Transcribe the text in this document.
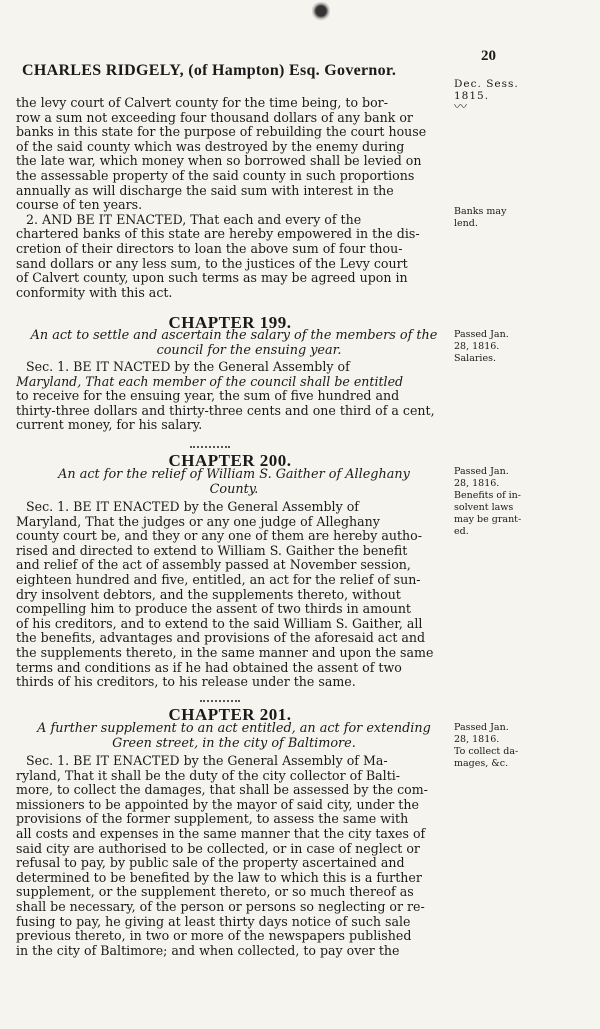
CHARLES RIDGELY, (of Hampton) Esq. Governor.
20
Dec. Sess.
1815.
〰
the levy court of Calvert county for the time being, to bor-
row a sum not exceeding four thousand dollars of any bank or
banks in this state for the purpose of rebuilding the court house
of the said county which was destroyed by the enemy during
the late war, which money when so borrowed shall be levied on
the assessable property of the said county in such proportions
annually as will discharge the said sum with interest in the
course of ten years.
2. AND BE IT ENACTED, That each and every of the
chartered banks of this state are hereby empowered in the dis-
cretion of their directors to loan the above sum of four thou-
sand dollars or any less sum, to the justices of the Levy court
of Calvert county, upon such terms as may be agreed upon in
conformity with this act.
Banks may
lend.
CHAPTER 199.
An act to settle and ascertain the salary of the members of the
council for the ensuing year.
Passed Jan.
28, 1816.
Salaries.
Sec. 1. BE IT NACTED by the General Assembly of
Maryland, That each member of the council shall be entitled
to receive for the ensuing year, the sum of five hundred and
thirty-three dollars and thirty-three cents and one third of a cent,
current money, for his salary.
CHAPTER 200.
An act for the relief of William S. Gaither of Alleghany
County.
Passed Jan.
28, 1816.
Benefits of in-
solvent laws
may be grant-
ed.
Sec. 1. BE IT ENACTED by the General Assembly of
Maryland, That the judges or any one judge of Alleghany
county court be, and they or any one of them are hereby autho-
rised and directed to extend to William S. Gaither the benefit
and relief of the act of assembly passed at November session,
eighteen hundred and five, entitled, an act for the relief of sun-
dry insolvent debtors, and the supplements thereto, without
compelling him to produce the assent of two thirds in amount
of his creditors, and to extend to the said William S. Gaither, all
the benefits, advantages and provisions of the aforesaid act and
the supplements thereto, in the same manner and upon the same
terms and conditions as if he had obtained the assent of two
thirds of his creditors, to his release under the same.
CHAPTER 201.
A further supplement to an act entitled, an act for extending
Green street, in the city of Baltimore.
Passed Jan.
28, 1816.
To collect da-
mages, &c.
Sec. 1. BE IT ENACTED by the General Assembly of Ma-
ryland, That it shall be the duty of the city collector of Balti-
more, to collect the damages, that shall be assessed by the com-
missioners to be appointed by the mayor of said city, under the
provisions of the former supplement, to assess the same with
all costs and expenses in the same manner that the city taxes of
said city are authorised to be collected, or in case of neglect or
refusal to pay, by public sale of the property ascertained and
determined to be benefited by the law to which this is a further
supplement, or the supplement thereto, or so much thereof as
shall be necessary, of the person or persons so neglecting or re-
fusing to pay, he giving at least thirty days notice of such sale
previous thereto, in two or more of the newspapers published
in the city of Baltimore; and when collected, to pay over the
